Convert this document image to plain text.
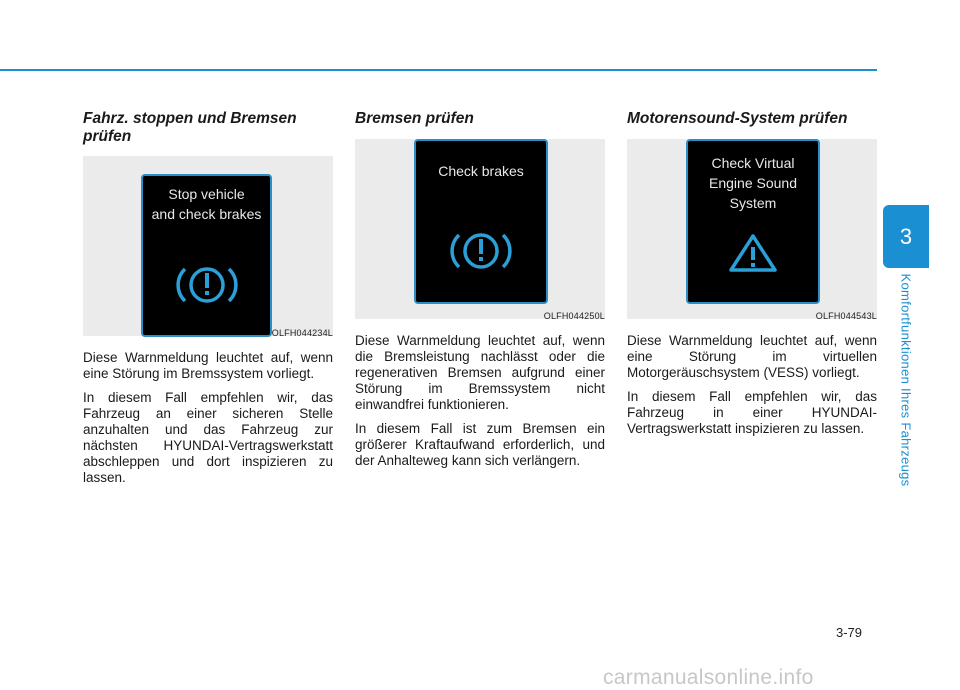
Fahrz. stoppen und Bremsen prüfen
Stop vehicle
and check brakes
OLFH044234L

Diese Warnmeldung leuchtet auf, wenn eine Störung im Bremssystem vorliegt.

In diesem Fall empfehlen wir, das Fahrzeug an einer sicheren Stelle anzuhalten und das Fahrzeug zur nächsten HYUNDAI-Vertragswerkstatt abschleppen und dort inspizieren zu lassen.

Bremsen prüfen
Check brakes
OLFH044250L

Diese Warnmeldung leuchtet auf, wenn die Bremsleistung nachlässt oder die regenerativen Bremsen aufgrund einer Störung im Bremssystem nicht einwandfrei funktionieren.

In diesem Fall ist zum Bremsen ein größerer Kraftaufwand erforderlich, und der Anhalteweg kann sich verlängern.

Motorensound-System prüfen
Check Virtual
Engine Sound
System
OLFH044543L

Diese Warnmeldung leuchtet auf, wenn eine Störung im virtuellen Motorgeräuschsystem (VESS) vorliegt.

In diesem Fall empfehlen wir, das Fahrzeug in einer HYUNDAI-Vertragswerkstatt inspizieren zu lassen.

3
Komfortfunktionen Ihres Fahrzeugs
3-79
carmanualsonline.info
